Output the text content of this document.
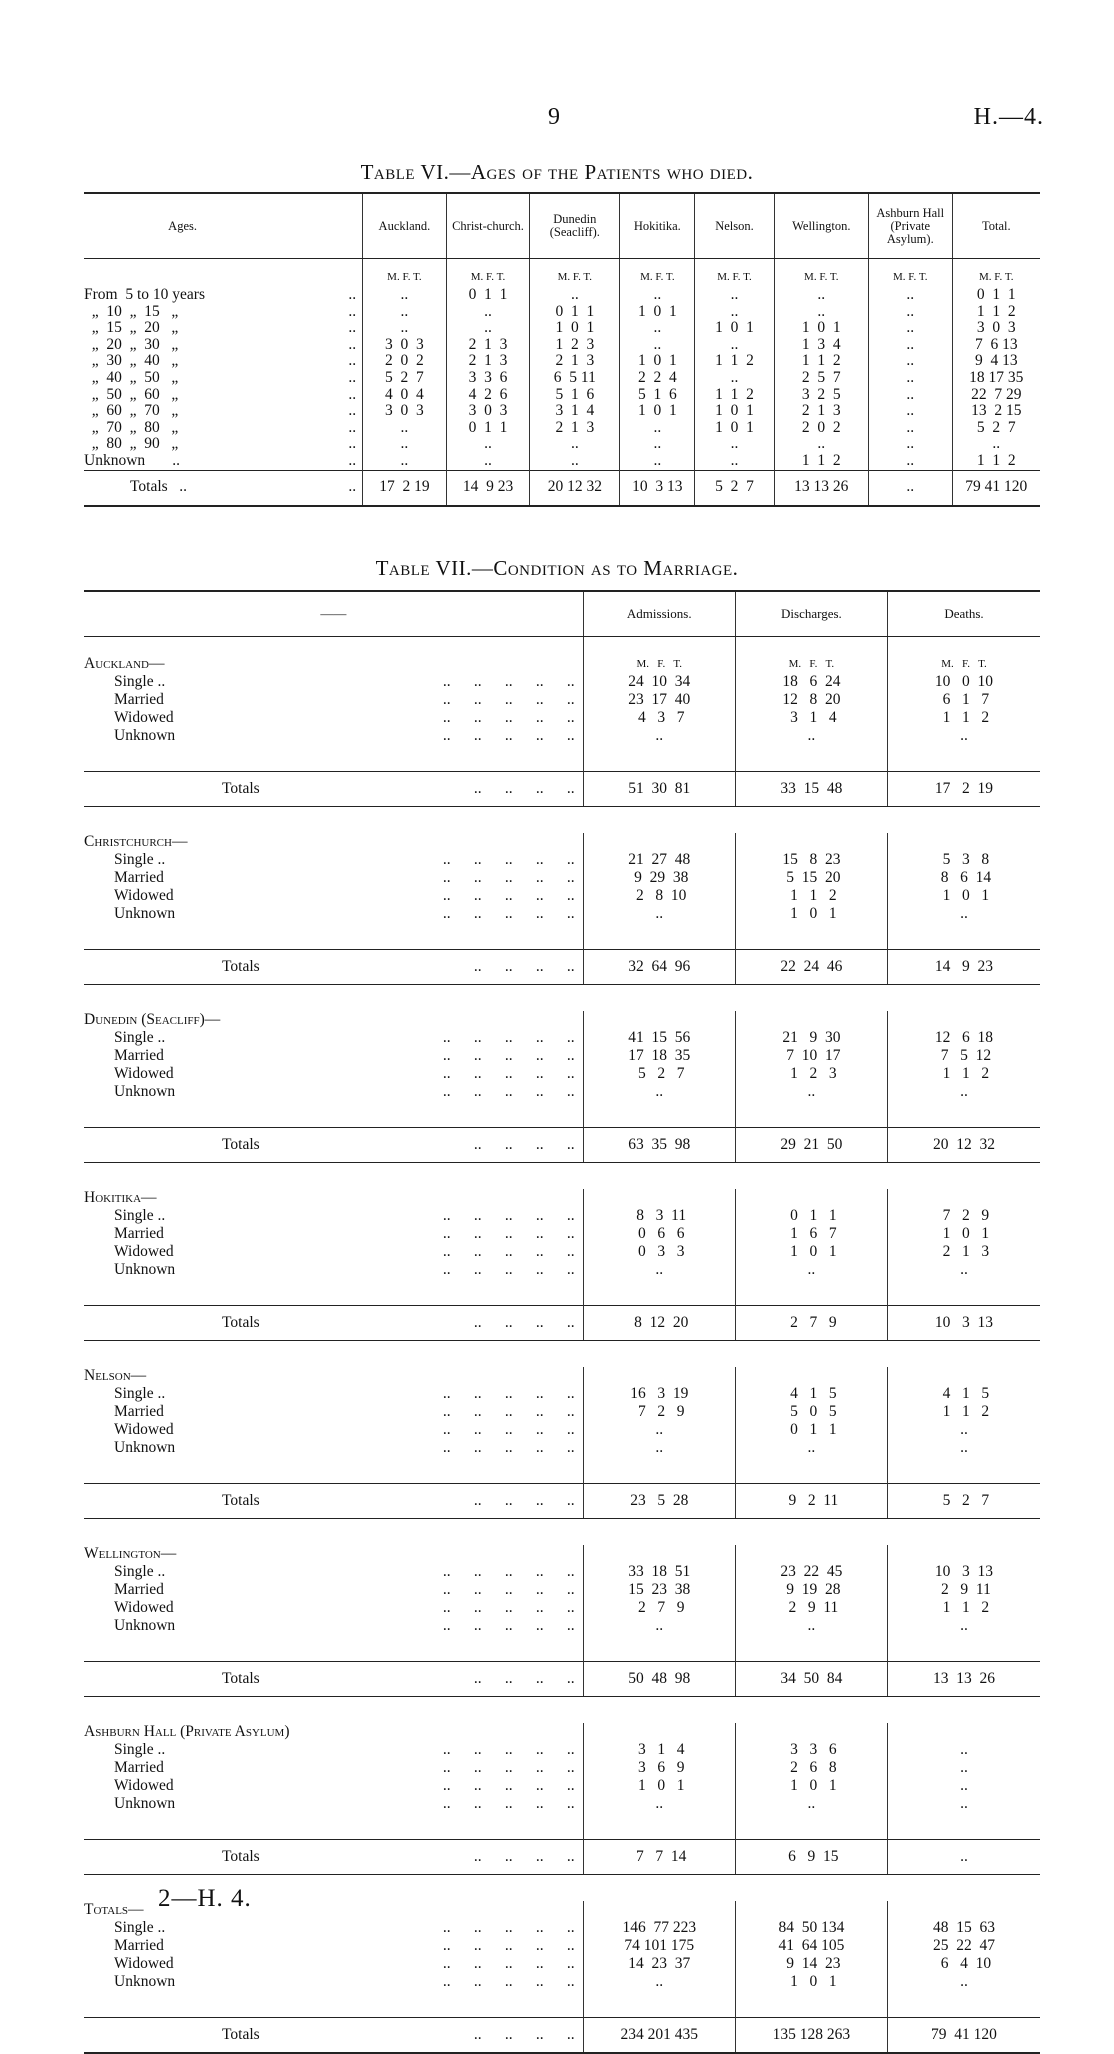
9	H.—4.
Table VI.—Ages of the Patients who died.
Ages.		Auckland.	Christ-church.	Dunedin (Seacliff).	Hokitika.	Nelson.	Wellington.	Ashburn Hall (Private Asylum).	Total.
		M. F. T.	M. F. T.	M. F. T.	M. F. T.	M. F. T.	M. F. T.	M. F. T.	M. F. T.
From  5 to 10 years	..	..	0  1  1	..	..	..	..	..	0  1  1
„  10  „  15   „	..	..	..	0  1  1	1  0  1	..	..	..	1  1  2
„  15  „  20   „	..	..	..	1  0  1	..	1  0  1	1  0  1	..	3  0  3
„  20  „  30   „	..	3  0  3	2  1  3	1  2  3	..	..	1  3  4	..	7  6 13
„  30  „  40   „	..	2  0  2	2  1  3	2  1  3	1  0  1	1  1  2	1  1  2	..	9  4 13
„  40  „  50   „	..	5  2  7	3  3  6	6  5 11	2  2  4	..	2  5  7	..	18 17 35
„  50  „  60   „	..	4  0  4	4  2  6	5  1  6	5  1  6	1  1  2	3  2  5	..	22  7 29
„  60  „  70   „	..	3  0  3	3  0  3	3  1  4	1  0  1	1  0  1	2  1  3	..	13  2 15
„  70  „  80   „	..	..	0  1  1	2  1  3	..	1  0  1	2  0  2	..	5  2  7
„  80  „  90   „	..	..	..	..	..	..	..	..	..
Unknown       ..	..	..	..	..	..	..	1  1  2	..	1  1  2
Totals   ..	..	17  2 19	14  9 23	20 12 32	10  3 13	5  2  7	13 13 26	..	79 41 120
Table VII.—Condition as to Marriage.
——		Admissions.	Discharges.	Deaths.
Auckland—		M.   F.   T.	M.   F.   T.	M.   F.   T.
Single ..	..      ..      ..      ..      ..	24  10  34	18   6  24	10   0  10
Married	..      ..      ..      ..      ..	23  17  40	12   8  20	6   1   7
Widowed	..      ..      ..      ..      ..	4   3   7	3   1   4	1   1   2
Unknown	..      ..      ..      ..      ..	..	..	..

Totals	..      ..      ..      ..	51  30  81	33  15  48	17   2  19

Christchurch—				
Single ..	..      ..      ..      ..      ..	21  27  48	15   8  23	5   3   8
Married	..      ..      ..      ..      ..	9  29  38	5  15  20	8   6  14
Widowed	..      ..      ..      ..      ..	2   8  10	1   1   2	1   0   1
Unknown	..      ..      ..      ..      ..	..	1   0   1	..

Totals	..      ..      ..      ..	32  64  96	22  24  46	14   9  23

Dunedin (Seacliff)—				
Single ..	..      ..      ..      ..      ..	41  15  56	21   9  30	12   6  18
Married	..      ..      ..      ..      ..	17  18  35	7  10  17	7   5  12
Widowed	..      ..      ..      ..      ..	5   2   7	1   2   3	1   1   2
Unknown	..      ..      ..      ..      ..	..	..	..

Totals	..      ..      ..      ..	63  35  98	29  21  50	20  12  32

Hokitika—				
Single ..	..      ..      ..      ..      ..	8   3  11	0   1   1	7   2   9
Married	..      ..      ..      ..      ..	0   6   6	1   6   7	1   0   1
Widowed	..      ..      ..      ..      ..	0   3   3	1   0   1	2   1   3
Unknown	..      ..      ..      ..      ..	..	..	..

Totals	..      ..      ..      ..	8  12  20	2   7   9	10   3  13

Nelson—				
Single ..	..      ..      ..      ..      ..	16   3  19	4   1   5	4   1   5
Married	..      ..      ..      ..      ..	7   2   9	5   0   5	1   1   2
Widowed	..      ..      ..      ..      ..	..	0   1   1	..
Unknown	..      ..      ..      ..      ..	..	..	..

Totals	..      ..      ..      ..	23   5  28	9   2  11	5   2   7

Wellington—				
Single ..	..      ..      ..      ..      ..	33  18  51	23  22  45	10   3  13
Married	..      ..      ..      ..      ..	15  23  38	9  19  28	2   9  11
Widowed	..      ..      ..      ..      ..	2   7   9	2   9  11	1   1   2
Unknown	..      ..      ..      ..      ..	..	..	..

Totals	..      ..      ..      ..	50  48  98	34  50  84	13  13  26

Ashburn Hall (Private Asylum)				
Single ..	..      ..      ..      ..      ..	3   1   4	3   3   6	..
Married	..      ..      ..      ..      ..	3   6   9	2   6   8	..
Widowed	..      ..      ..      ..      ..	1   0   1	1   0   1	..
Unknown	..      ..      ..      ..      ..	..	..	..

Totals	..      ..      ..      ..	7   7  14	6   9  15	..

Totals—				
Single ..	..      ..      ..      ..      ..	146  77 223	84  50 134	48  15  63
Married	..      ..      ..      ..      ..	74 101 175	41  64 105	25  22  47
Widowed	..      ..      ..      ..      ..	14  23  37	9  14  23	6   4  10
Unknown	..      ..      ..      ..      ..	..	1   0   1	..

Totals	..      ..      ..      ..	234 201 435	135 128 263	79  41 120
2—H. 4.
